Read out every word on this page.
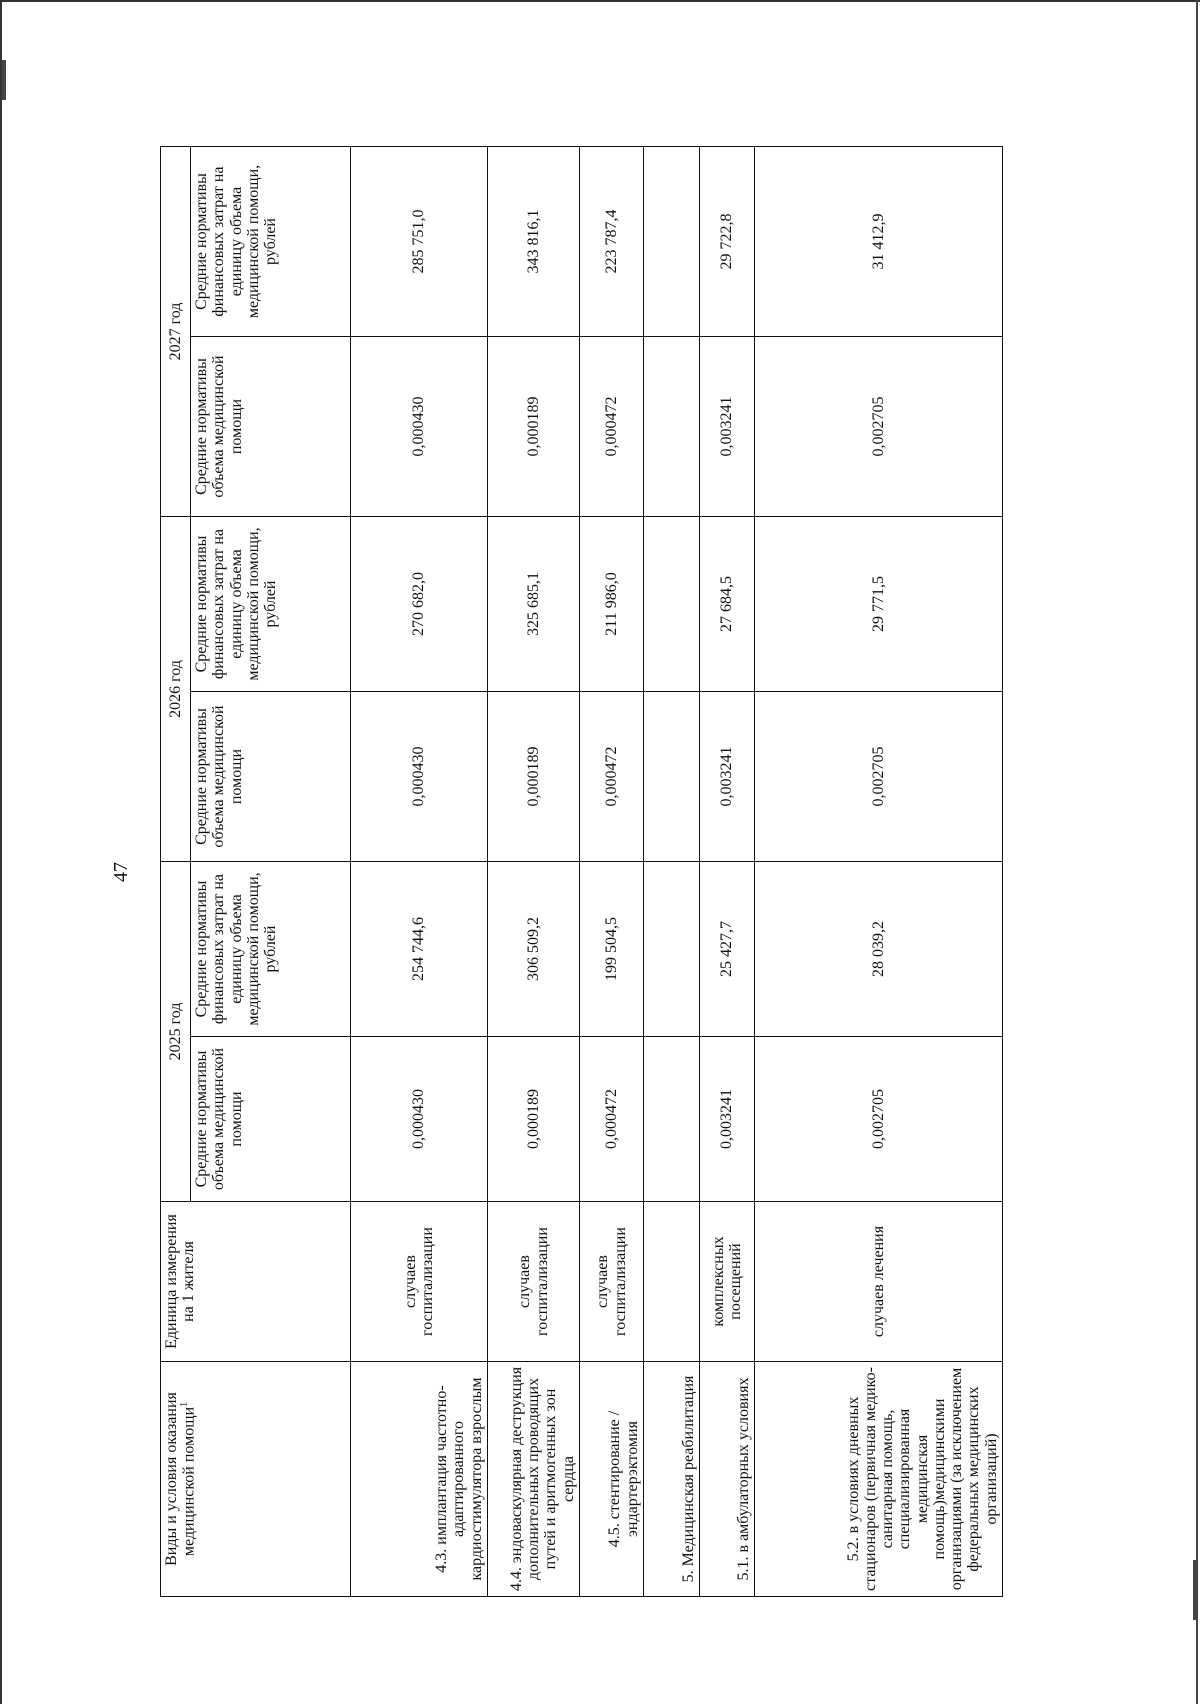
47
Виды и условия оказания медицинской помощи$^1$	Единица измерения на 1 жителя	2025 год		2026 год		2027 год	
		Средние нормативы объема медицинской помощи	Средние нормативы финансовых затрат на единицу объема медицинской помощи, рублей	Средние нормативы объема медицинской помощи	Средние нормативы финансовых затрат на единицу объема медицинской помощи, рублей	Средние нормативы объема медицинской помощи	Средние нормативы финансовых затрат на единицу объема медицинской помощи, рублей
4.3. имплантация частотно-адаптированного кардиостимулятора взрослым	случаев госпитализации	0,000430	254 744,6	0,000430	270 682,0	0,000430	285 751,0
4.4. эндоваскулярная деструкция дополнительных проводящих путей и аритмогенных зон сердца	случаев госпитализации	0,000189	306 509,2	0,000189	325 685,1	0,000189	343 816,1
4.5. стентирование / эндартерэктомия	случаев госпитализации	0,000472	199 504,5	0,000472	211 986,0	0,000472	223 787,4
5. Медицинская реабилитация							
5.1. в амбулаторных условиях	комплексных посещений	0,003241	25 427,7	0,003241	27 684,5	0,003241	29 722,8
5.2. в условиях дневных стационаров (первичная медико-санитарная помощь, специализированная медицинская помощь)медицинскими организациями (за исключением федеральных медицинских организаций)	случаев лечения	0,002705	28 039,2	0,002705	29 771,5	0,002705	31 412,9
